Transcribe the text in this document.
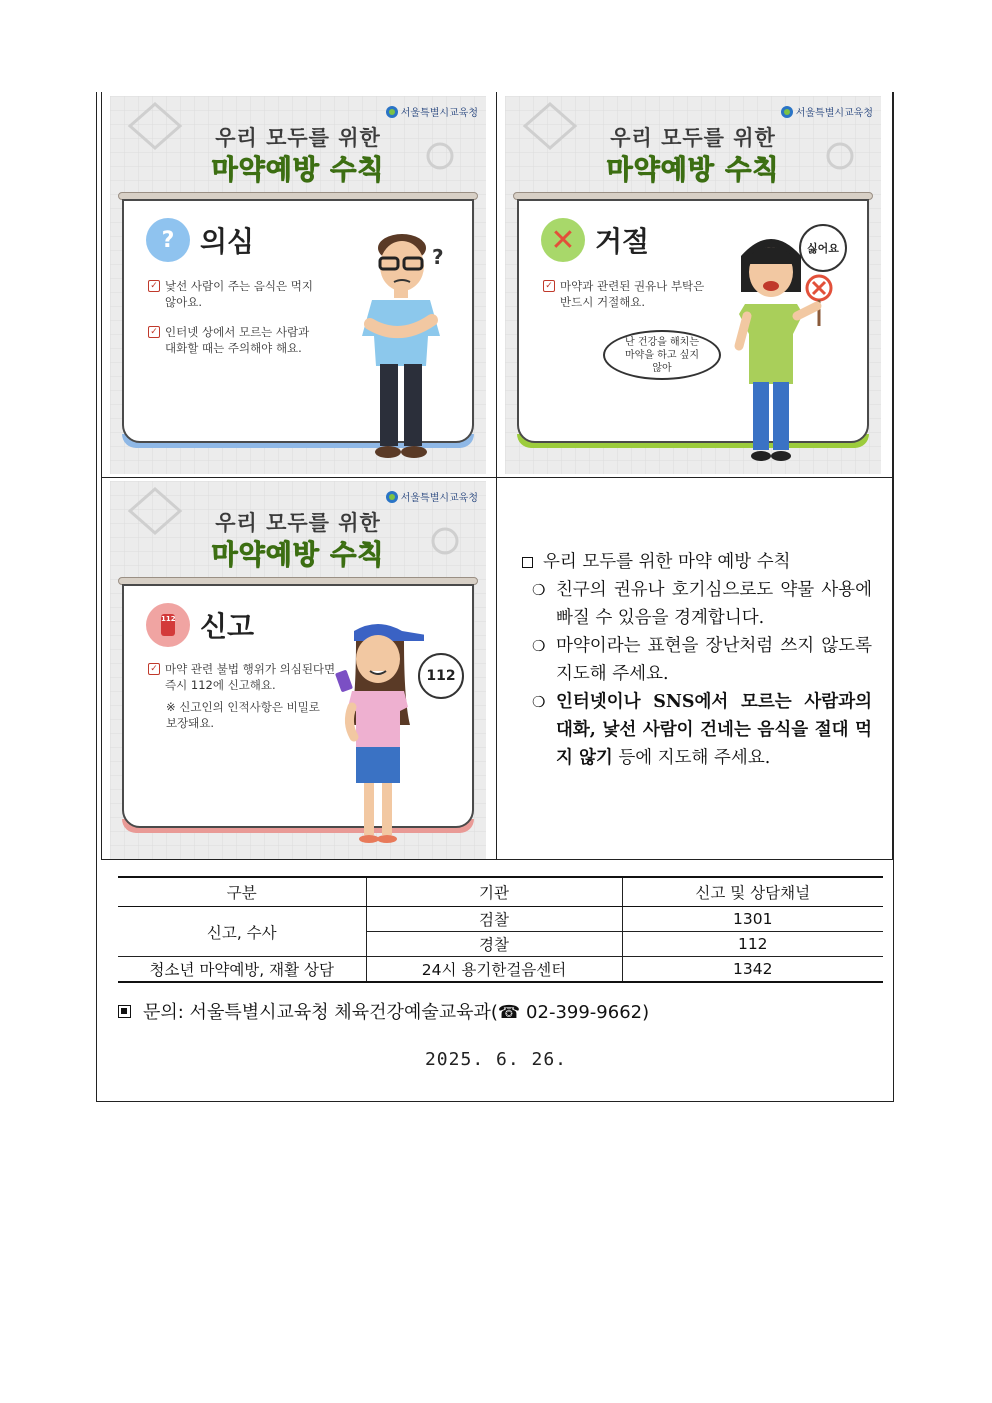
서울특별시교육청
우리 모두를 위한
마약예방 수칙
? 의심
✓ 낯선 사람이 주는 음식은 먹지 않아요.
✓ 인터넷 상에서 모르는 사람과 대화할 때는 주의해야 해요.
?
서울특별시교육청
우리 모두를 위한
마약예방 수칙
✕ 거절
✓ 마약과 관련된 권유나 부탁은 반드시 거절해요.
난 건강을 해치는 마약을 하고 싶지 않아
싫어요
서울특별시교육청
우리 모두를 위한
마약예방 수칙
112 신고
✓ 마약 관련 불법 행위가 의심된다면 즉시 112에 신고해요.
※ 신고인의 인적사항은 비밀로 보장돼요.
112
우리 모두를 위한 마약 예방 수칙
❍ 친구의 권유나 호기심으로도 약물 사용에 빠질 수 있음을 경계합니다.
❍ 마약이라는 표현을 장난처럼 쓰지 않도록 지도해 주세요.
❍ 인터넷이나 SNS에서 모르는 사람과의 대화, 낯선 사람이 건네는 음식을 절대 먹지 않기 등에 지도해 주세요.
구분	기관	신고 및 상담채널
신고, 수사	검찰	1301
	경찰	112
청소년 마약예방, 재활 상담	24시 용기한걸음센터	1342
문의: 서울특별시교육청 체육건강예술교육과(☎ 02-399-9662)
2025. 6. 26.
